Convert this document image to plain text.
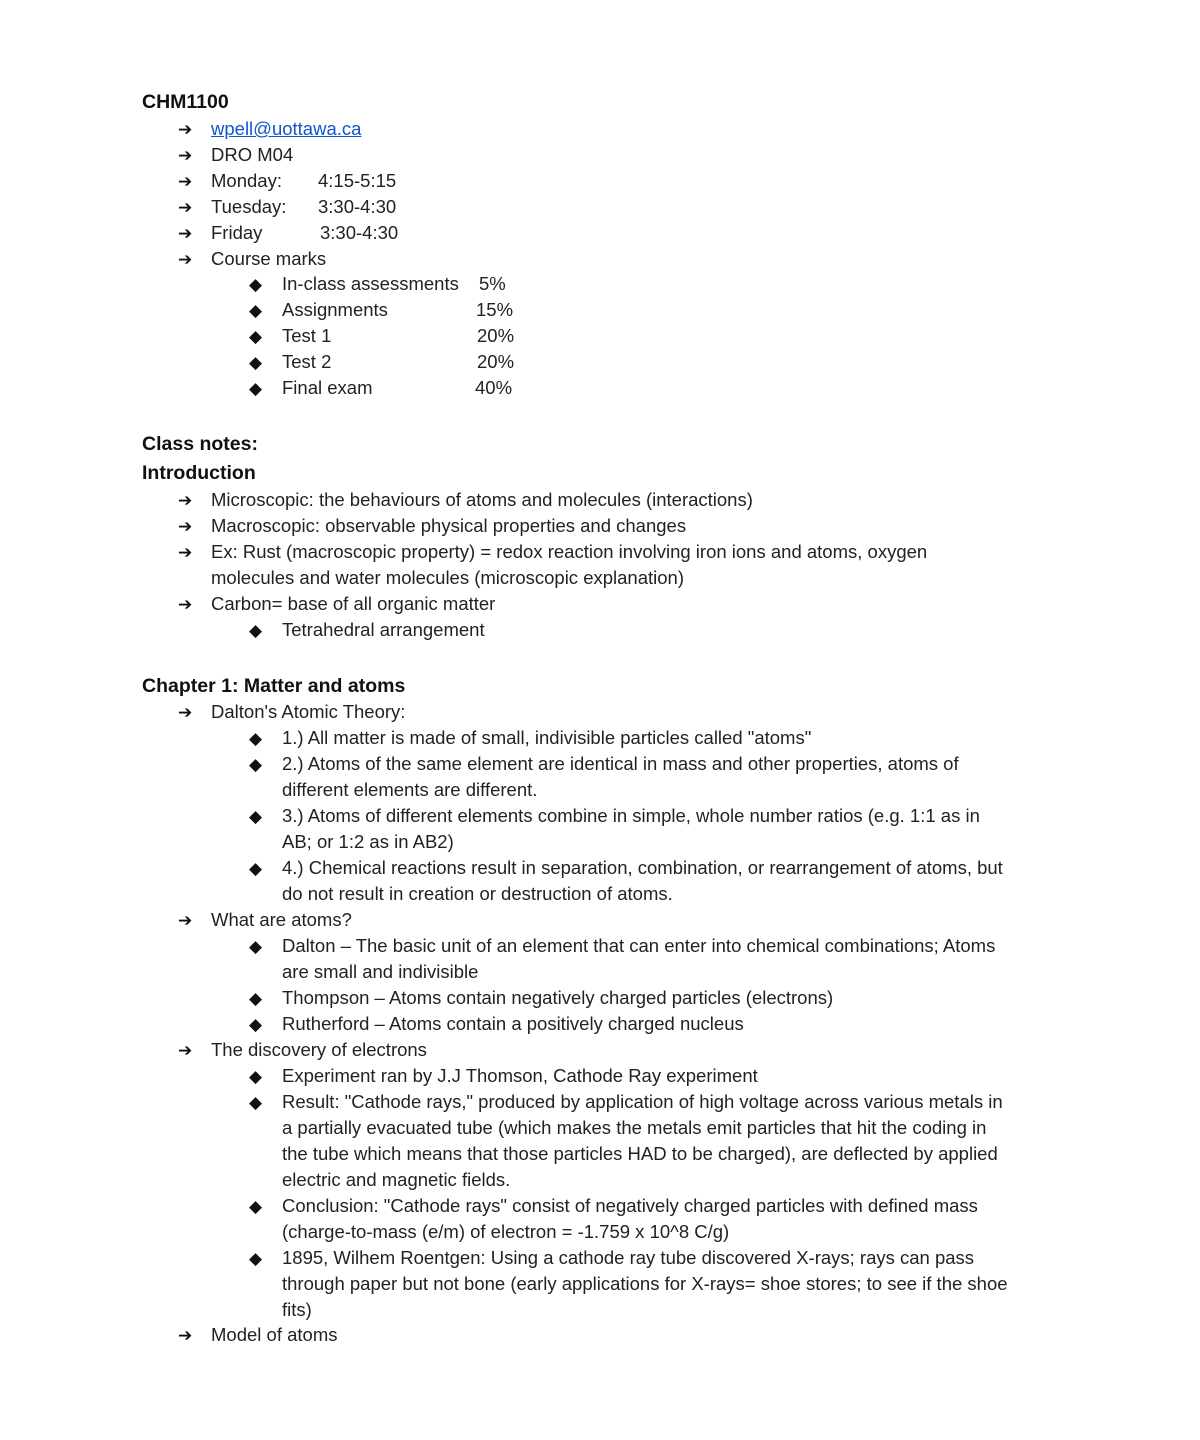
CHM1100
➔ wpell@uottawa.ca
➔ DRO M04
➔ Monday: 4:15-5:15
➔ Tuesday: 3:30-4:30
➔ Friday	3:30-4:30
➔ Course marks
◆ In-class assessments 5%
◆ Assignments	15%
◆ Test 1	20%
◆ Test 2	20%
◆ Final exam	40%
Class notes:
Introduction
➔ Microscopic: the behaviours of atoms and molecules (interactions)
➔ Macroscopic: observable physical properties and changes
➔ Ex: Rust (macroscopic property) = redox reaction involving iron ions and atoms, oxygen
molecules and water molecules (microscopic explanation)
➔ Carbon= base of all organic matter
◆ Tetrahedral arrangement
Chapter 1: Matter and atoms
➔ Dalton's Atomic Theory:
◆ 1.) All matter is made of small, indivisible particles called "atoms"
◆ 2.) Atoms of the same element are identical in mass and other properties, atoms of
different elements are different.
◆ 3.) Atoms of different elements combine in simple, whole number ratios (e.g. 1:1 as in
AB; or 1:2 as in AB2)
◆ 4.) Chemical reactions result in separation, combination, or rearrangement of atoms, but
do not result in creation or destruction of atoms.
➔ What are atoms?
◆ Dalton – The basic unit of an element that can enter into chemical combinations; Atoms
are small and indivisible
◆ Thompson – Atoms contain negatively charged particles (electrons)
◆ Rutherford – Atoms contain a positively charged nucleus
➔ The discovery of electrons
◆ Experiment ran by J.J Thomson, Cathode Ray experiment
◆ Result: "Cathode rays," produced by application of high voltage across various metals in
a partially evacuated tube (which makes the metals emit particles that hit the coding in
the tube which means that those particles HAD to be charged), are deflected by applied
electric and magnetic fields.
◆ Conclusion: "Cathode rays" consist of negatively charged particles with defined mass
(charge-to-mass (e/m) of electron = -1.759 x 10^8 C/g)
◆ 1895, Wilhem Roentgen: Using a cathode ray tube discovered X-rays; rays can pass
through paper but not bone (early applications for X-rays= shoe stores; to see if the shoe
fits)
➔ Model of atoms
